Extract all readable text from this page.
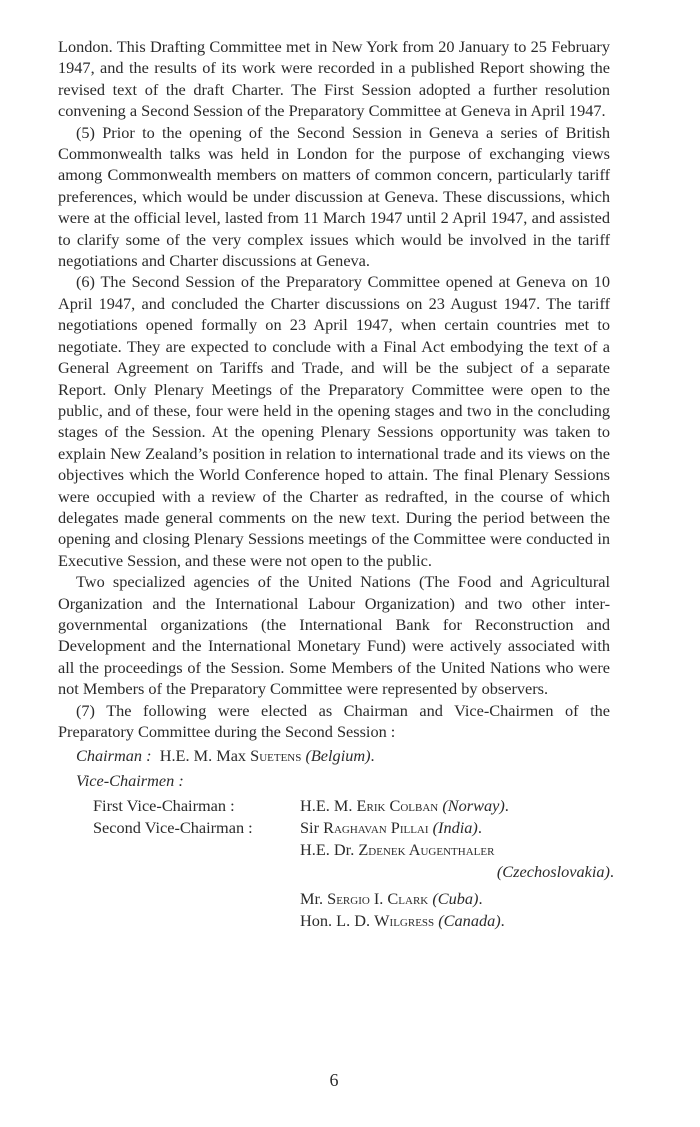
London. This Drafting Committee met in New York from 20 January to 25 February 1947, and the results of its work were recorded in a published Report showing the revised text of the draft Charter. The First Session adopted a further resolution convening a Second Session of the Preparatory Committee at Geneva in April 1947.

(5) Prior to the opening of the Second Session in Geneva a series of British Commonwealth talks was held in London for the purpose of exchanging views among Commonwealth members on matters of common concern, particularly tariff preferences, which would be under discussion at Geneva. These discussions, which were at the official level, lasted from 11 March 1947 until 2 April 1947, and assisted to clarify some of the very complex issues which would be involved in the tariff negotiations and Charter discussions at Geneva.

(6) The Second Session of the Preparatory Committee opened at Geneva on 10 April 1947, and concluded the Charter discussions on 23 August 1947. The tariff negotiations opened formally on 23 April 1947, when certain countries met to negotiate. They are expected to conclude with a Final Act embodying the text of a General Agreement on Tariffs and Trade, and will be the subject of a separate Report. Only Plenary Meetings of the Preparatory Committee were open to the public, and of these, four were held in the opening stages and two in the concluding stages of the Session. At the opening Plenary Sessions opportunity was taken to explain New Zealand’s position in relation to international trade and its views on the objectives which the World Conference hoped to attain. The final Plenary Sessions were occupied with a review of the Charter as redrafted, in the course of which delegates made general comments on the new text. During the period between the opening and closing Plenary Sessions meetings of the Committee were conducted in Executive Session, and these were not open to the public.

Two specialized agencies of the United Nations (The Food and Agricultural Organization and the International Labour Organization) and two other inter-governmental organizations (the International Bank for Reconstruction and Development and the International Monetary Fund) were actively associated with all the proceedings of the Session. Some Members of the United Nations who were not Members of the Preparatory Committee were represented by observers.

(7) The following were elected as Chairman and Vice-Chairmen of the Preparatory Committee during the Second Session :

Chairman : H.E. M. Max Suetens (Belgium).
Vice-Chairmen :
First Vice-Chairman :	H.E. M. Erik Colban (Norway).
Second Vice-Chairman :	Sir Raghavan Pillai (India).
H.E. Dr. Zdenek Augenthaler
(Czechoslovakia).
Mr. Sergio I. Clark (Cuba).
Hon. L. D. Wilgress (Canada).
6
